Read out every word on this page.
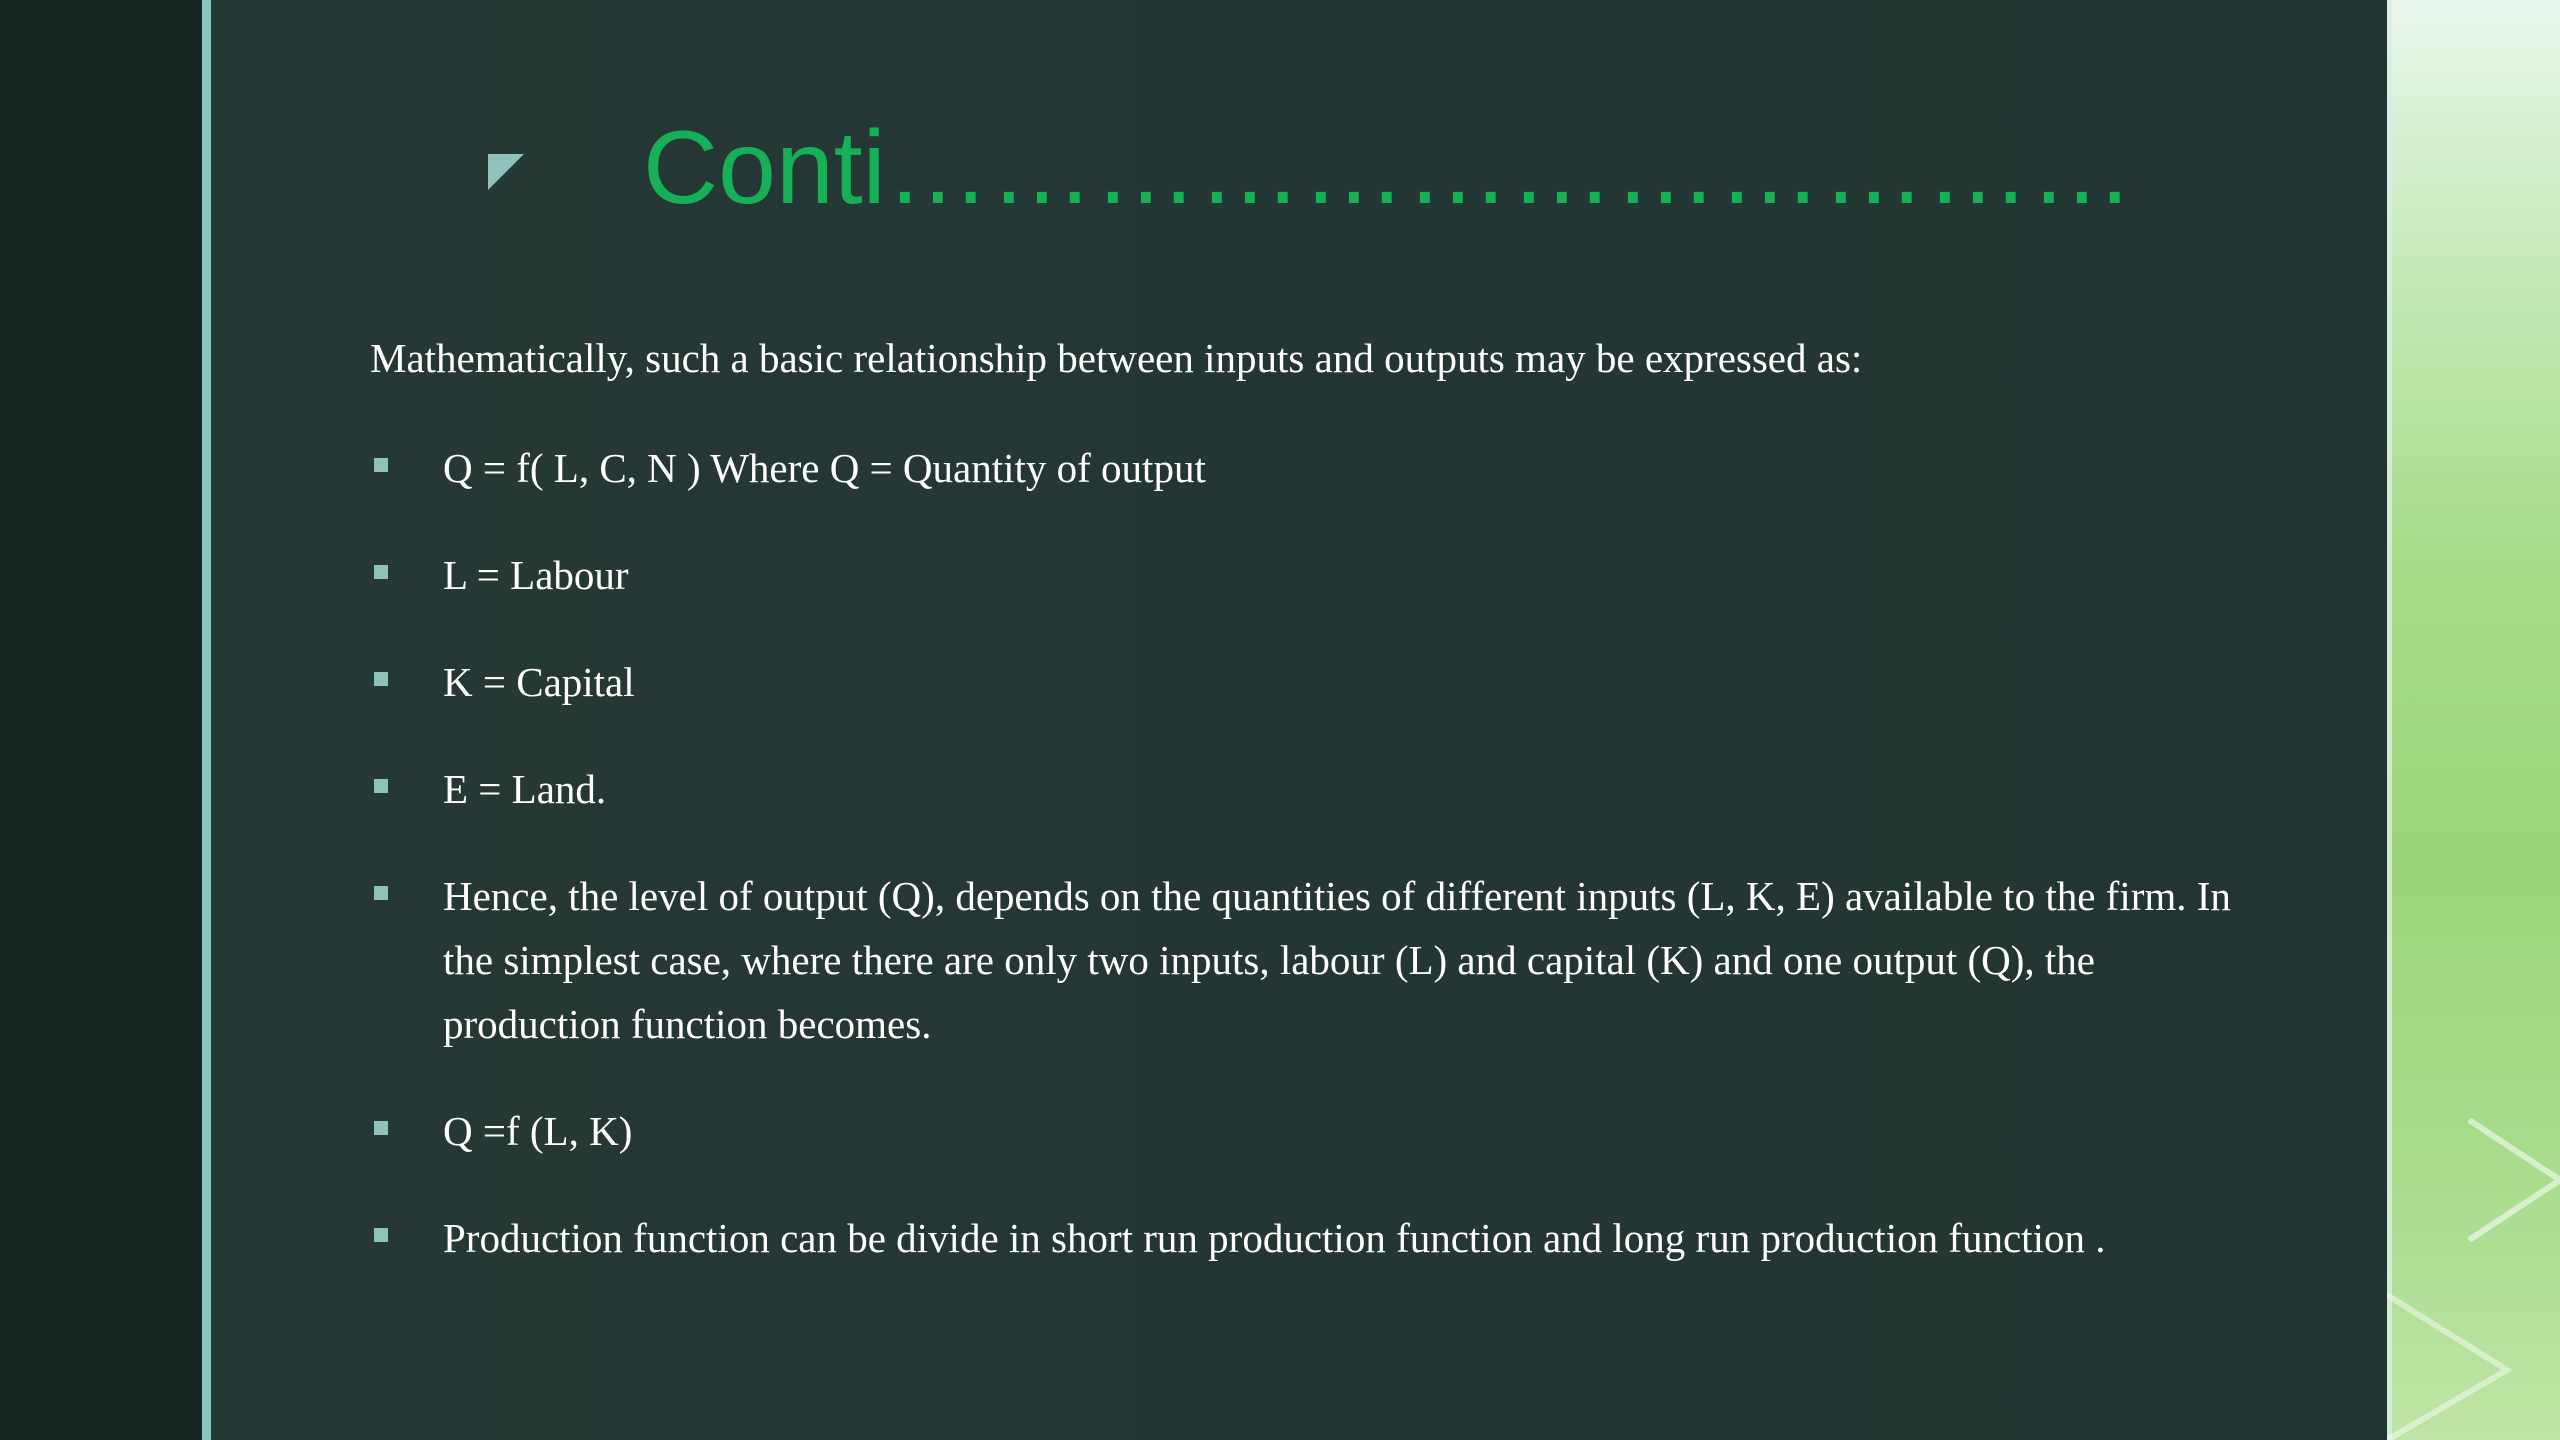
Conti………………………………
Mathematically, such a basic relationship between inputs and outputs may be expressed as:
Q = f( L, C, N ) Where Q = Quantity of output
L = Labour
K = Capital
E = Land.
Hence, the level of output (Q), depends on the quantities of different inputs (L, K, E) available to the firm. In the simplest case, where there are only two inputs, labour (L) and capital (K) and one output (Q), the production function becomes.
Q =f (L, K)
Production function can be divide in short run production function and long run production function .
